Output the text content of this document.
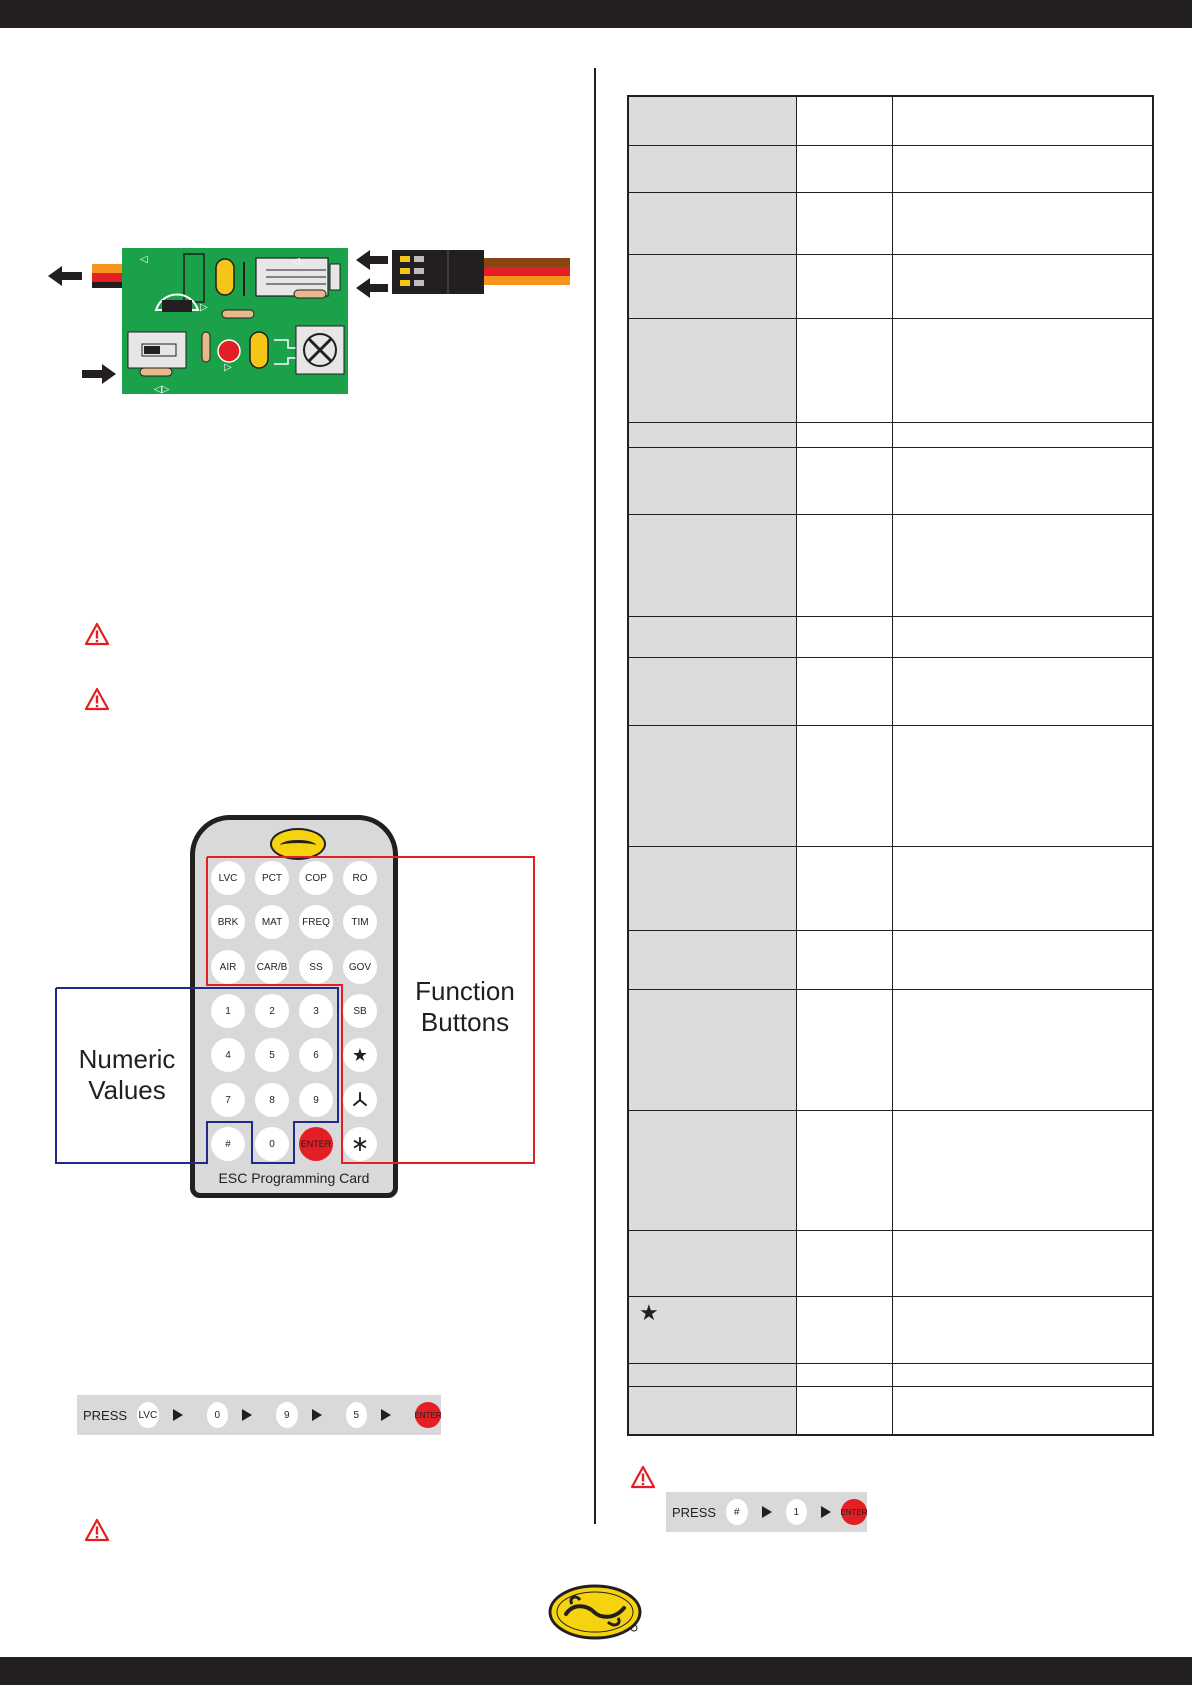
◁	◁
▷
▷
◁▷
LVC	PCT	COP	RO
BRK	MAT	FREQ	TIM
AIR	CAR/B	SS	GOV
1	2	3	SB
4	5	6	★
7	8	9
#	0	ENTER ∗
ESC Programming Card
Numeric
Values
Function
Buttons
PRESS LVC	0	9	5	ENTER
PRESS	#	1	ENTER
★
